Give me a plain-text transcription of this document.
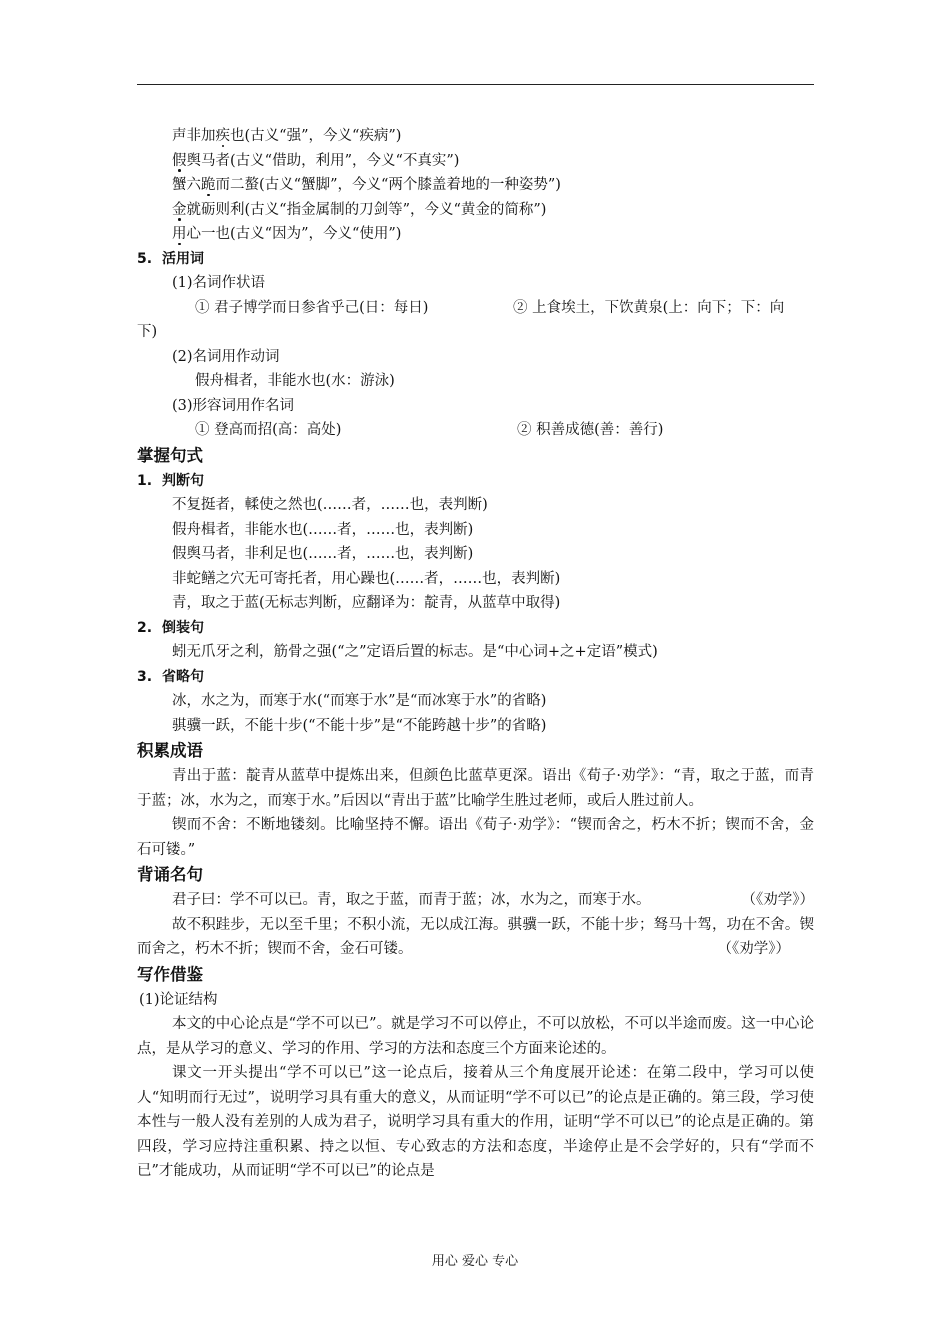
声非加疾也(古义“强”，今义“疾病”)
假舆马者(古义“借助，利用”，今义“不真实”)
蟹六跪而二螯(古义“蟹脚”，今义“两个膝盖着地的一种姿势”)
金就砺则利(古义“指金属制的刀剑等”，今义“黄金的简称”)
用心一也(古义“因为”，今义“使用”)
5. 活用词
(1)名词作状语
① 君子博学而日参省乎己(日：每日)	② 上食埃土，下饮黄泉(上：向下；下：向
下)
(2)名词用作动词
假舟楫者，非能水也(水：游泳)
(3)形容词用作名词
① 登高而招(高：高处)	② 积善成德(善：善行)
掌握句式
1. 判断句
不复挺者，輮使之然也(……者，……也，表判断)
假舟楫者，非能水也(……者，……也，表判断)
假舆马者，非利足也(……者，……也，表判断)
非蛇鳝之穴无可寄托者，用心躁也(……者，……也，表判断)
青，取之于蓝(无标志判断，应翻译为：靛青，从蓝草中取得)
2. 倒装句
蚓无爪牙之利，筋骨之强(“之”定语后置的标志。是“中心词+之+定语”模式)
3. 省略句
冰，水之为，而寒于水(“而寒于水”是“而冰寒于水”的省略)
骐骥一跃，不能十步(“不能十步”是“不能跨越十步”的省略)
积累成语
青出于蓝：靛青从蓝草中提炼出来，但颜色比蓝草更深。语出《荀子·劝学》：“青，取之于蓝，而青于蓝；冰，水为之，而寒于水。”后因以“青出于蓝”比喻学生胜过老师，或后人胜过前人。
锲而不舍：不断地镂刻。比喻坚持不懈。语出《荀子·劝学》：“锲而舍之，朽木不折；锲而不舍，金石可镂。”
背诵名句
君子曰：学不可以已。青，取之于蓝，而青于蓝；冰，水为之，而寒于水。	（《劝学》）
故不积跬步，无以至千里；不积小流，无以成江海。骐骥一跃，不能十步；驽马十驾，功在不舍。锲而舍之，朽木不折；锲而不舍，金石可镂。	（《劝学》）
写作借鉴
(1)论证结构
本文的中心论点是“学不可以已”。就是学习不可以停止，不可以放松，不可以半途而废。这一中心论点，是从学习的意义、学习的作用、学习的方法和态度三个方面来论述的。
课文一开头提出“学不可以已”这一论点后，接着从三个角度展开论述：在第二段中，学习可以使人“知明而行无过”，说明学习具有重大的意义，从而证明“学不可以已”的论点是正确的。第三段，学习使本性与一般人没有差别的人成为君子，说明学习具有重大的作用，证明“学不可以已”的论点是正确的。第四段，学习应持注重积累、持之以恒、专心致志的方法和态度，半途停止是不会学好的，只有“学而不已”才能成功，从而证明“学不可以已”的论点是
用心 爱心 专心
